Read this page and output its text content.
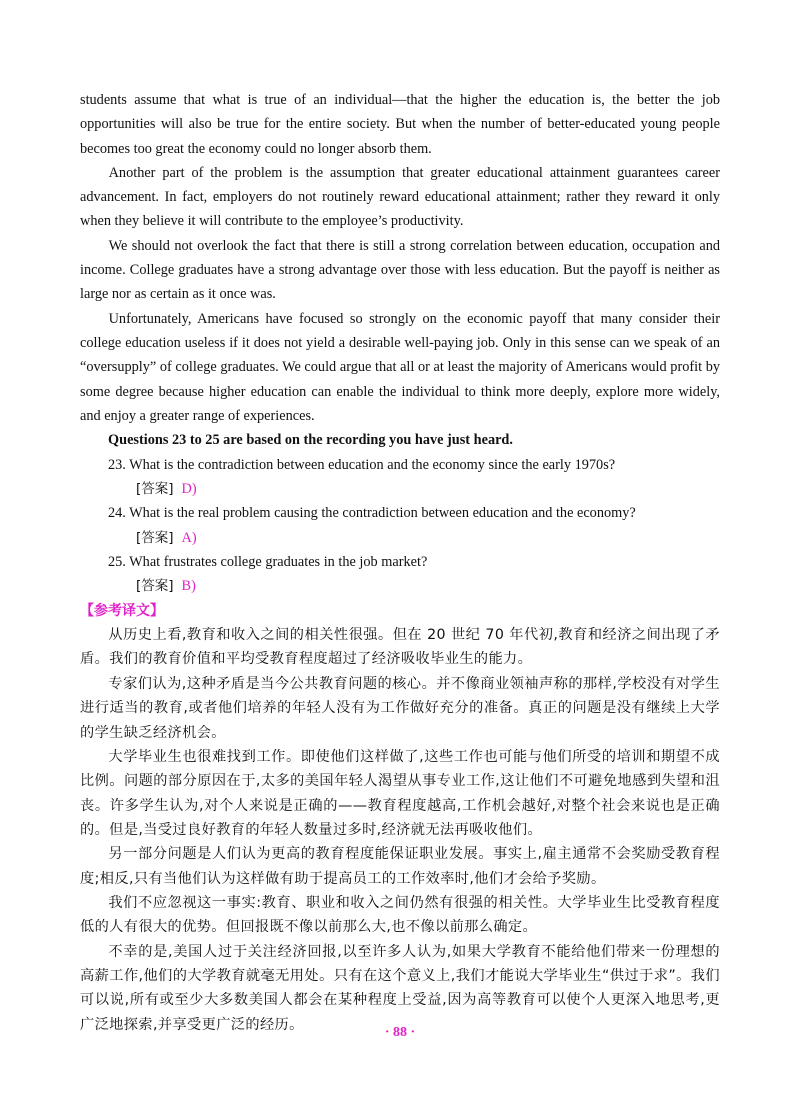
students assume that what is true of an individual—that the higher the education is, the better the job opportunities will also be true for the entire society. But when the number of better-educated young people becomes too great the economy could no longer absorb them.

Another part of the problem is the assumption that greater educational attainment guarantees career advancement. In fact, employers do not routinely reward educational attainment; rather they reward it only when they believe it will contribute to the employee’s productivity.

We should not overlook the fact that there is still a strong correlation between education, occupation and income. College graduates have a strong advantage over those with less education. But the payoff is neither as large nor as certain as it once was.

Unfortunately, Americans have focused so strongly on the economic payoff that many consider their college education useless if it does not yield a desirable well-paying job. Only in this sense can we speak of an “oversupply” of college graduates. We could argue that all or at least the majority of Americans would profit by some degree because higher education can enable the individual to think more deeply, explore more widely, and enjoy a greater range of experiences.

Questions 23 to 25 are based on the recording you have just heard.

23. What is the contradiction between education and the economy since the early 1970s?

[答案] D)

24. What is the real problem causing the contradiction between education and the economy?

[答案] A)

25. What frustrates college graduates in the job market?

[答案] B)

【参考译文】

从历史上看,教育和收入之间的相关性很强。但在 20 世纪 70 年代初,教育和经济之间出现了矛盾。我们的教育价值和平均受教育程度超过了经济吸收毕业生的能力。

专家们认为,这种矛盾是当今公共教育问题的核心。并不像商业领袖声称的那样,学校没有对学生进行适当的教育,或者他们培养的年轻人没有为工作做好充分的准备。真正的问题是没有继续上大学的学生缺乏经济机会。

大学毕业生也很难找到工作。即使他们这样做了,这些工作也可能与他们所受的培训和期望不成比例。问题的部分原因在于,太多的美国年轻人渴望从事专业工作,这让他们不可避免地感到失望和沮丧。许多学生认为,对个人来说是正确的——教育程度越高,工作机会越好,对整个社会来说也是正确的。但是,当受过良好教育的年轻人数量过多时,经济就无法再吸收他们。

另一部分问题是人们认为更高的教育程度能保证职业发展。事实上,雇主通常不会奖励受教育程度;相反,只有当他们认为这样做有助于提高员工的工作效率时,他们才会给予奖励。

我们不应忽视这一事实:教育、职业和收入之间仍然有很强的相关性。大学毕业生比受教育程度低的人有很大的优势。但回报既不像以前那么大,也不像以前那么确定。

不幸的是,美国人过于关注经济回报,以至许多人认为,如果大学教育不能给他们带来一份理想的高薪工作,他们的大学教育就毫无用处。只有在这个意义上,我们才能说大学毕业生“供过于求”。我们可以说,所有或至少大多数美国人都会在某种程度上受益,因为高等教育可以使个人更深入地思考,更广泛地探索,并享受更广泛的经历。	· 88 ·
